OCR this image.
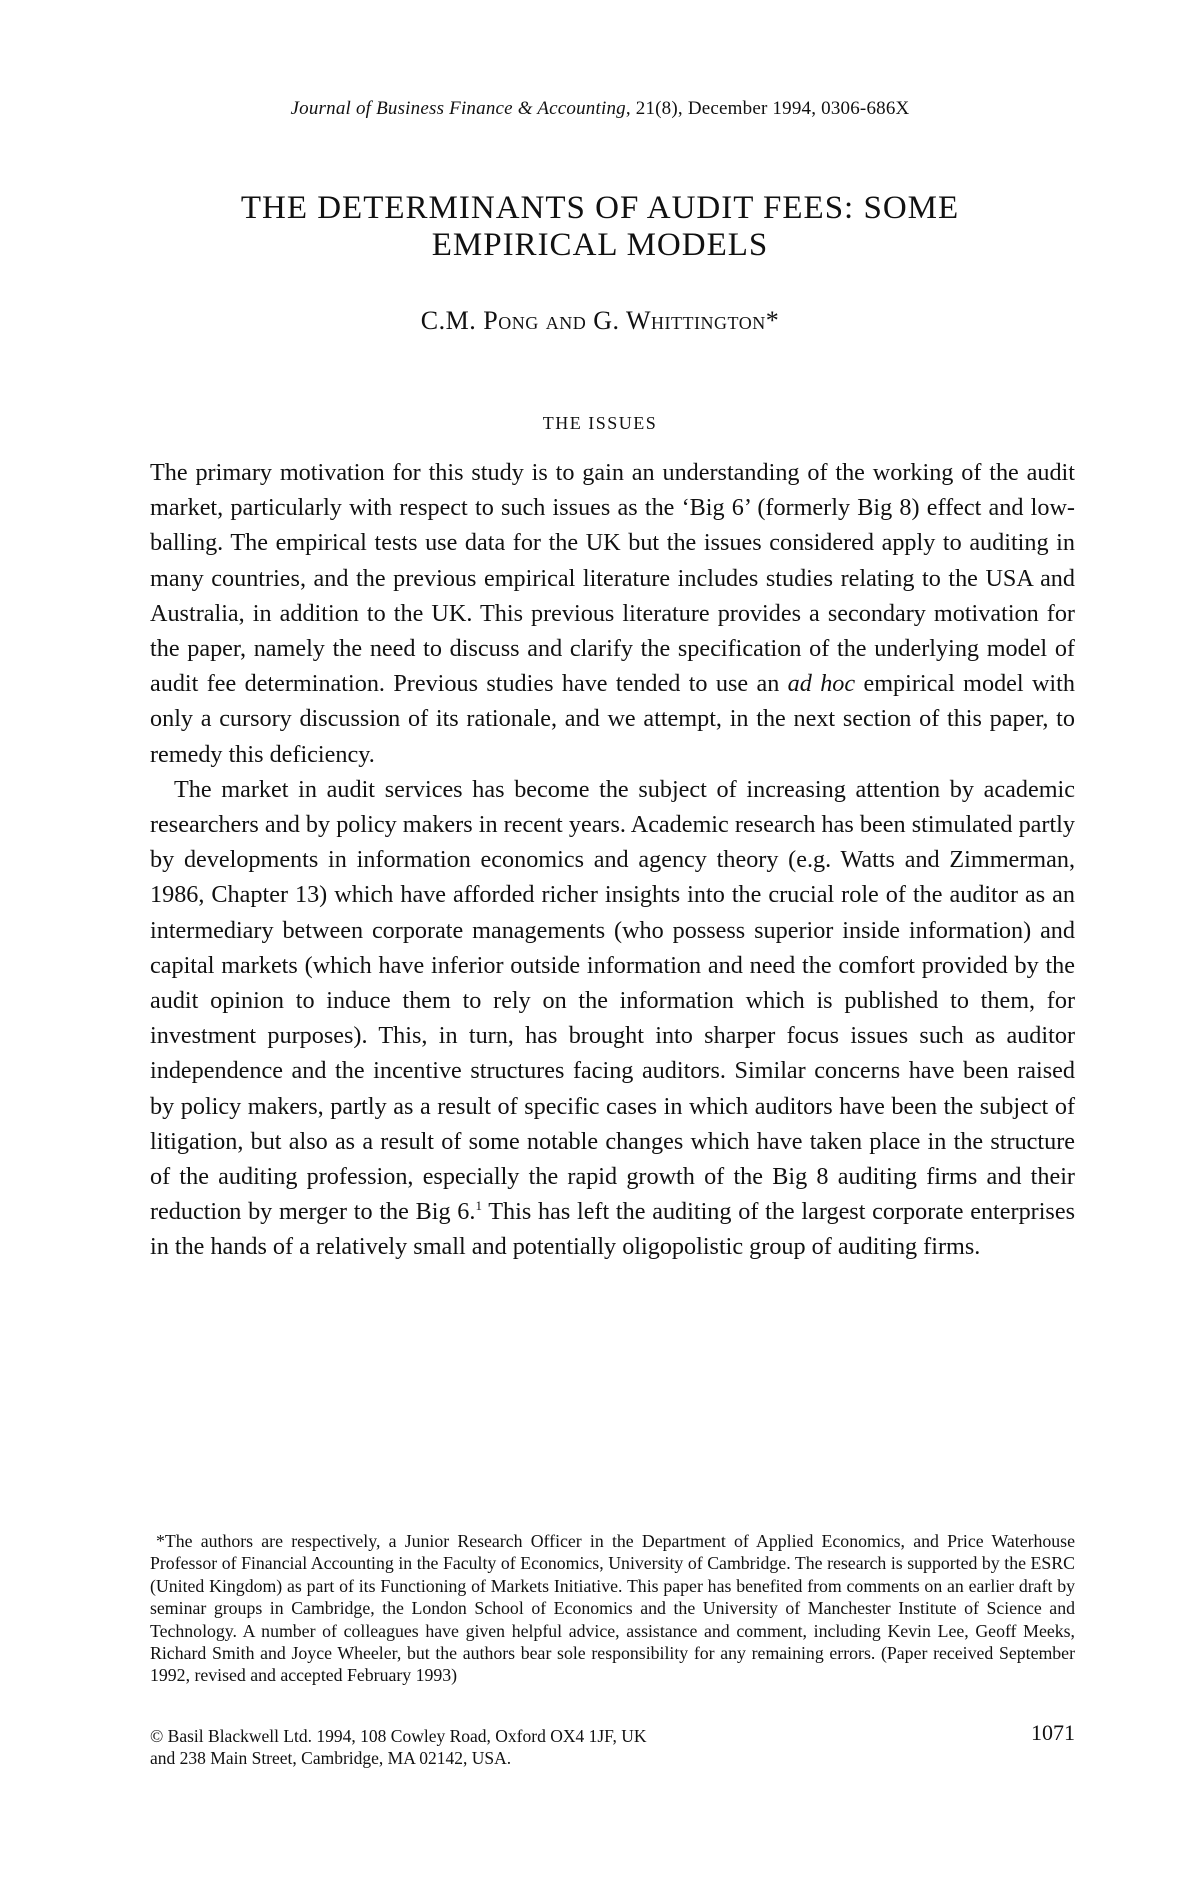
Journal of Business Finance & Accounting, 21(8), December 1994, 0306-686X
THE DETERMINANTS OF AUDIT FEES: SOME
EMPIRICAL MODELS
C.M. Pong and G. Whittington*
THE ISSUES

The primary motivation for this study is to gain an understanding of the working of the audit market, particularly with respect to such issues as the ‘Big 6’ (formerly Big 8) effect and low-balling. The empirical tests use data for the UK but the issues considered apply to auditing in many countries, and the previous empirical literature includes studies relating to the USA and Australia, in addition to the UK. This previous literature provides a secondary motivation for the paper, namely the need to discuss and clarify the specification of the underlying model of audit fee determination. Previous studies have tended to use an ad hoc empirical model with only a cursory discussion of its rationale, and we attempt, in the next section of this paper, to remedy this deficiency.

The market in audit services has become the subject of increasing attention by academic researchers and by policy makers in recent years. Academic research has been stimulated partly by developments in information economics and agency theory (e.g. Watts and Zimmerman, 1986, Chapter 13) which have afforded richer insights into the crucial role of the auditor as an intermediary between corporate managements (who possess superior inside information) and capital markets (which have inferior outside information and need the comfort provided by the audit opinion to induce them to rely on the information which is published to them, for investment purposes). This, in turn, has brought into sharper focus issues such as auditor independence and the incentive structures facing auditors. Similar concerns have been raised by policy makers, partly as a result of specific cases in which auditors have been the subject of litigation, but also as a result of some notable changes which have taken place in the structure of the auditing profession, especially the rapid growth of the Big 8 auditing firms and their reduction by merger to the Big 6.$^1$ This has left the auditing of the largest corporate enterprises in the hands of a relatively small and potentially oligopolistic group of auditing firms.

*The authors are respectively, a Junior Research Officer in the Department of Applied Economics, and Price Waterhouse Professor of Financial Accounting in the Faculty of Economics, University of Cambridge. The research is supported by the ESRC (United Kingdom) as part of its Functioning of Markets Initiative. This paper has benefited from comments on an earlier draft by seminar groups in Cambridge, the London School of Economics and the University of Manchester Institute of Science and Technology. A number of colleagues have given helpful advice, assistance and comment, including Kevin Lee, Geoff Meeks, Richard Smith and Joyce Wheeler, but the authors bear sole responsibility for any remaining errors. (Paper received September 1992, revised and accepted February 1993)

© Basil Blackwell Ltd. 1994, 108 Cowley Road, Oxford OX4 1JF, UK
and 238 Main Street, Cambridge, MA 02142, USA.
1071
